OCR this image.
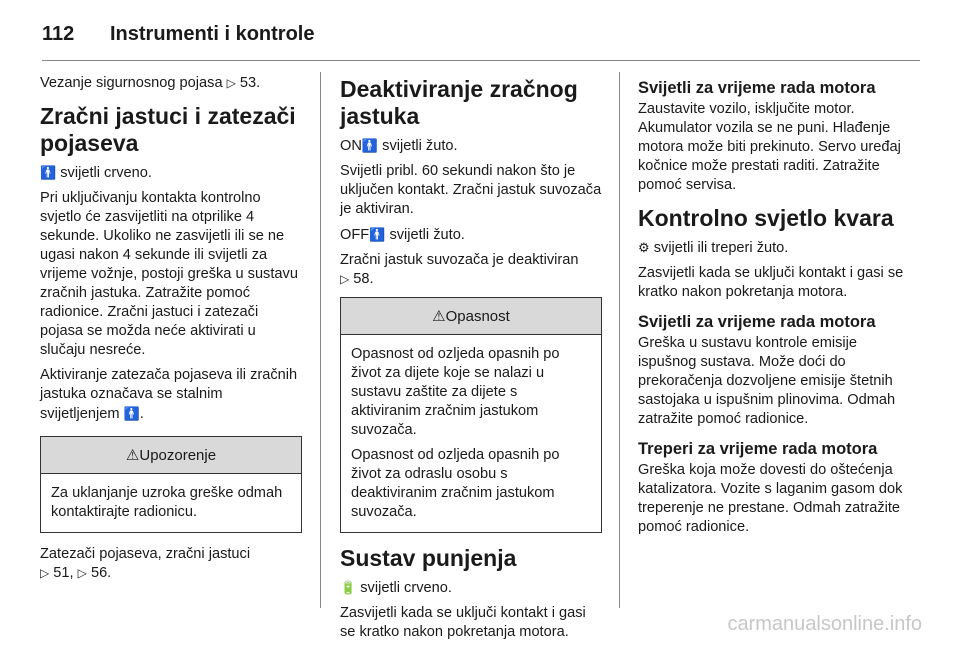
112	Instrumenti i kontrole

Vezanje sigurnosnog pojasa ▷ 53.

Zračni jastuci i zatezači pojaseva

🚹 svijetli crveno.

Pri uključivanju kontakta kontrolno svjetlo će zasvijetliti na otprilike 4 sekunde. Ukoliko ne zasvijetli ili se ne ugasi nakon 4 sekunde ili svijetli za vrijeme vožnje, postoji greška u sustavu zračnih jastuka. Zatražite pomoć radionice. Zračni jastuci i zatezači pojasa se možda neće aktivirati u slučaju nesreće.

Aktiviranje zatezača pojaseva ili zračnih jastuka označava se stalnim svijetljenjem 🚹.

⚠ Upozorenje

Za uklanjanje uzroka greške odmah kontaktirajte radionicu.

Zatezači pojaseva, zračni jastuci
▷ 51, ▷ 56.

Deaktiviranje zračnog jastuka

ON🚹 svijetli žuto.

Svijetli pribl. 60 sekundi nakon što je uključen kontakt. Zračni jastuk suvozača je aktiviran.

OFF🚹 svijetli žuto.

Zračni jastuk suvozača je deaktiviran
▷ 58.

⚠ Opasnost

Opasnost od ozljeda opasnih po život za dijete koje se nalazi u sustavu zaštite za dijete s aktiviranim zračnim jastukom suvozača.

Opasnost od ozljeda opasnih po život za odraslu osobu s deaktiviranim zračnim jastukom suvozača.

Sustav punjenja

🔋 svijetli crveno.

Zasvijetli kada se uključi kontakt i gasi se kratko nakon pokretanja motora.

Svijetli za vrijeme rada motora

Zaustavite vozilo, isključite motor. Akumulator vozila se ne puni. Hlađenje motora može biti prekinuto. Servo uređaj kočnice može prestati raditi. Zatražite pomoć servisa.

Kontrolno svjetlo kvara

⚙ svijetli ili treperi žuto.

Zasvijetli kada se uključi kontakt i gasi se kratko nakon pokretanja motora.

Svijetli za vrijeme rada motora

Greška u sustavu kontrole emisije ispušnog sustava. Može doći do prekoračenja dozvoljene emisije štetnih sastojaka u ispušnim plinovima. Odmah zatražite pomoć radionice.

Treperi za vrijeme rada motora

Greška koja može dovesti do oštećenja katalizatora. Vozite s laganim gasom dok treperenje ne prestane. Odmah zatražite pomoć radionice.

carmanualsonline.info
